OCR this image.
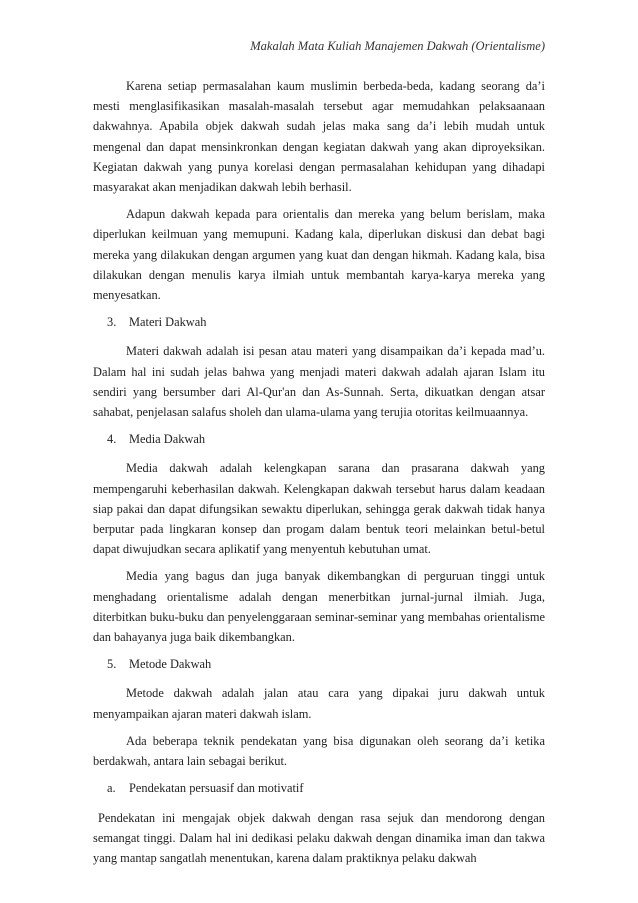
Makalah Mata Kuliah Manajemen Dakwah (Orientalisme)

Karena setiap permasalahan kaum muslimin berbeda-beda, kadang seorang da’i mesti menglasifikasikan masalah-masalah tersebut agar memudahkan pelaksaanaan dakwahnya. Apabila objek dakwah sudah jelas maka sang da’i lebih mudah untuk mengenal dan dapat mensinkronkan dengan kegiatan dakwah yang akan diproyeksikan. Kegiatan dakwah yang punya korelasi dengan permasalahan kehidupan yang dihadapi masyarakat akan menjadikan dakwah lebih berhasil.

Adapun dakwah kepada para orientalis dan mereka yang belum berislam, maka diperlukan keilmuan yang memupuni. Kadang kala, diperlukan diskusi dan debat bagi mereka yang dilakukan dengan argumen yang kuat dan dengan hikmah. Kadang kala, bisa dilakukan dengan menulis karya ilmiah untuk membantah karya-karya mereka yang menyesatkan.

3. Materi Dakwah

Materi dakwah adalah isi pesan atau materi yang disampaikan da’i kepada mad’u. Dalam hal ini sudah jelas bahwa yang menjadi materi dakwah adalah ajaran Islam itu sendiri yang bersumber dari Al-Qur'an dan As-Sunnah. Serta, dikuatkan dengan atsar sahabat, penjelasan salafus sholeh dan ulama-ulama yang terujia otoritas keilmuaannya.

4. Media Dakwah

Media dakwah adalah kelengkapan sarana dan prasarana dakwah yang mempengaruhi keberhasilan dakwah. Kelengkapan dakwah tersebut harus dalam keadaan siap pakai dan dapat difungsikan sewaktu diperlukan, sehingga gerak dakwah tidak hanya berputar pada lingkaran konsep dan progam dalam bentuk teori melainkan betul-betul dapat diwujudkan secara aplikatif yang menyentuh kebutuhan umat.

Media yang bagus dan juga banyak dikembangkan di perguruan tinggi untuk menghadang orientalisme adalah dengan menerbitkan jurnal-jurnal ilmiah. Juga, diterbitkan buku-buku dan penyelenggaraan seminar-seminar yang membahas orientalisme dan bahayanya juga baik dikembangkan.

5. Metode Dakwah

Metode dakwah adalah jalan atau cara yang dipakai juru dakwah untuk menyampaikan ajaran materi dakwah islam.

Ada beberapa teknik pendekatan yang bisa digunakan oleh seorang da’i ketika berdakwah, antara lain sebagai berikut.

a. Pendekatan persuasif dan motivatif

Pendekatan ini mengajak objek dakwah dengan rasa sejuk dan mendorong dengan semangat tinggi. Dalam hal ini dedikasi pelaku dakwah dengan dinamika iman dan takwa yang mantap sangatlah menentukan, karena dalam praktiknya pelaku dakwah
